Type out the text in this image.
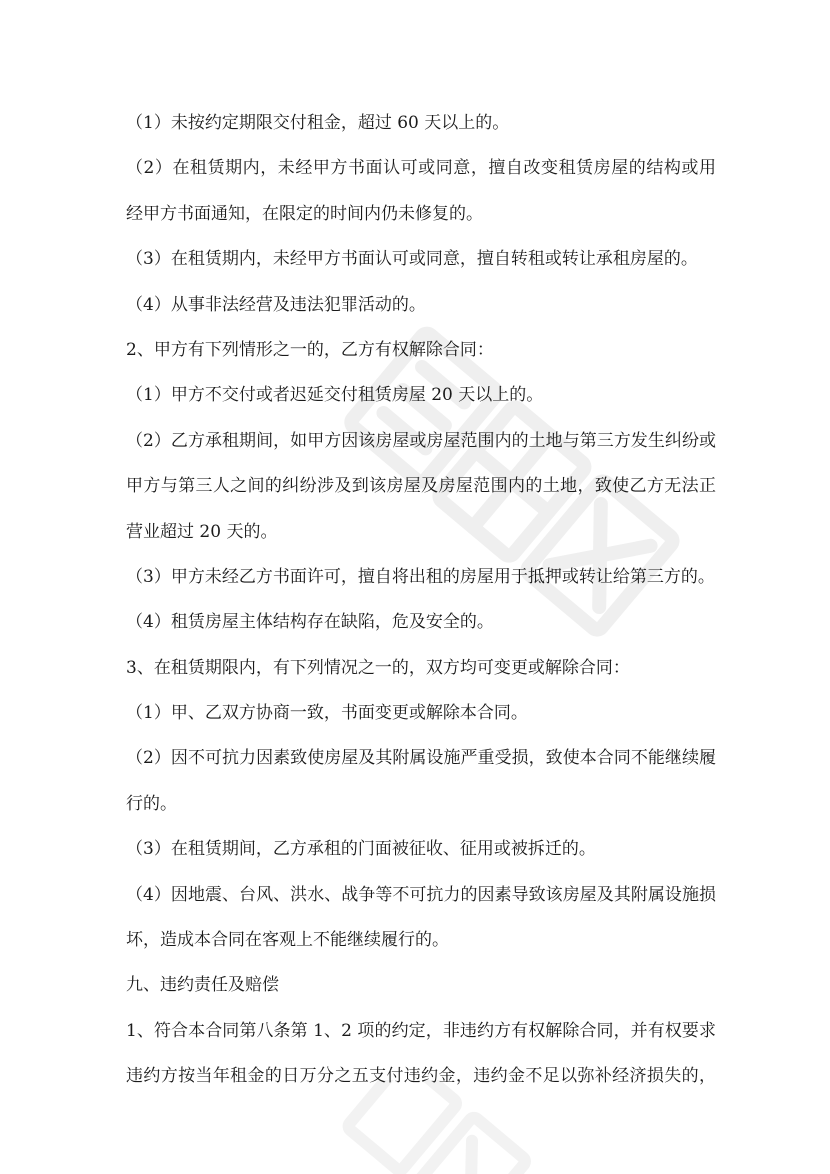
（1）未按约定期限交付租金，超过 60 天以上的。
（2）在租赁期内，未经甲方书面认可或同意，擅自改变租赁房屋的结构或用
经甲方书面通知，在限定的时间内仍未修复的。
（3）在租赁期内，未经甲方书面认可或同意，擅自转租或转让承租房屋的。
（4）从事非法经营及违法犯罪活动的。
2、甲方有下列情形之一的，乙方有权解除合同：
（1）甲方不交付或者迟延交付租赁房屋 20 天以上的。
（2）乙方承租期间，如甲方因该房屋或房屋范围内的土地与第三方发生纠纷或
甲方与第三人之间的纠纷涉及到该房屋及房屋范围内的土地，致使乙方无法正
营业超过 20 天的。
（3）甲方未经乙方书面许可，擅自将出租的房屋用于抵押或转让给第三方的。
（4）租赁房屋主体结构存在缺陷，危及安全的。
3、在租赁期限内，有下列情况之一的，双方均可变更或解除合同：
（1）甲、乙双方协商一致，书面变更或解除本合同。
（2）因不可抗力因素致使房屋及其附属设施严重受损，致使本合同不能继续履
行的。
（3）在租赁期间，乙方承租的门面被征收、征用或被拆迁的。
（4）因地震、台风、洪水、战争等不可抗力的因素导致该房屋及其附属设施损
坏，造成本合同在客观上不能继续履行的。
九、违约责任及赔偿
1、符合本合同第八条第 1、2 项的约定，非违约方有权解除合同，并有权要求
违约方按当年租金的日万分之五支付违约金，违约金不足以弥补经济损失的，
